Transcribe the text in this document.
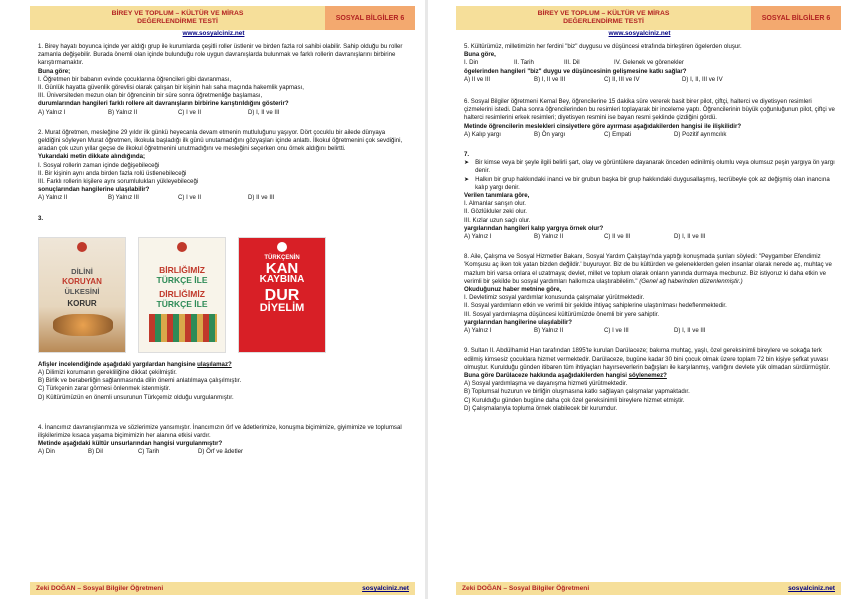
BİREY VE TOPLUM – KÜLTÜR VE MİRAS
DEĞERLENDİRME TESTİ	SOSYAL BİLGİLER 6
www.sosyalciniz.net

1. Birey hayatı boyunca içinde yer aldığı grup ile kurumlarda çeşitli roller üstlenir ve birden fazla rol sahibi olabilir. Sahip olduğu bu roller zamanla değişebilir. Burada önemli olan içinde bulunduğu role uygun davranışlarda bulunmak ve farklı rollerin davranışlarını birbirine karıştırmamaktır.

Buna göre;

I. Öğretmen bir babanın evinde çocuklarına öğrencileri gibi davranması,

II. Günlük hayatta güvenlik görevlisi olarak çalışan bir kişinin halı saha maçında hakemlik yapması,

III. Üniversiteden mezun olan bir öğrencinin bir süre sonra öğretmenliğe başlaması,

durumlarından hangileri farklı rollere ait davranışların birbirine karıştırıldığını gösterir?

A) Yalnız I	B) Yalnız II	C) I ve II	D) I, II ve III

2. Murat öğretmen, mesleğine 29 yıldır ilk günkü heyecanla devam etmenin mutluluğunu yaşıyor. Dört çocuklu bir ailede dünyaya geldiğini söyleyen Murat öğretmen, ilkokula başladığı ilk günü unutamadığını gözyaşları içinde anlattı. İlkokul öğretmenini çok sevdiğini, aradan çok uzun yıllar geçse de ilkokul öğretmenini unutmadığını ve mesleğini seçerken onu örnek aldığını belirtti.

Yukarıdaki metin dikkate alındığında;

I. Sosyal rollerin zaman içinde değişebileceği

II. Bir kişinin aynı anda birden fazla rolü üstlenebileceği

III. Farklı rollerin kişilere aynı sorumlulukları yükleyebileceği

sonuçlarından hangilerine ulaşılabilir?

A) Yalnız II	B) Yalnız III	C) I ve II	D) II ve III

3.

DİLİNİ
KORUYAN
ÜLKESİNİ
KORUR
BİRLİĞİMİZ
TÜRKÇE İLE
DİRLİĞİMİZ
TÜRKÇE İLE
TÜRKÇENİN
KAN
KAYBINA
DUR
DİYELİM

Afişler incelendiğinde aşağıdaki yargılardan hangisine ulaşılamaz?

A) Dilimizi korumanın gerekliliğine dikkat çekilmiştir.

B) Birlik ve beraberliğin sağlanmasında dilin önemi anlatılmaya çalışılmıştır.

C) Türkçenin zarar görmesi önlenmek istenmiştir.

D) Kültürümüzün en önemli unsurunun Türkçemiz olduğu vurgulanmıştır.

4. İnancımız davranışlarımıza ve sözlerimize yansımıştır. İnancımızın örf ve âdetlerimize, konuşma biçimimize, giyimimize ve toplumsal ilişkilerimize kısaca yaşama biçimimizin her alanına etkisi vardır.

Metinde aşağıdaki kültür unsurlarından hangisi vurgulanmıştır?

A) Din	B) Dil	C) Tarih	D) Örf ve âdetler
Zeki DOĞAN – Sosyal Bilgiler Öğretmeni	sosyalciniz.net
BİREY VE TOPLUM – KÜLTÜR VE MİRAS
DEĞERLENDİRME TESTİ	SOSYAL BİLGİLER 6
www.sosyalciniz.net

5. Kültürümüz, milletimizin her ferdini "biz" duygusu ve düşüncesi etrafında birleştiren ögelerden oluşur.

Buna göre,

I. Din	II. Tarih	III. Dil	IV. Gelenek ve görenekler

ögelerinden hangileri "biz" duygu ve düşüncesinin gelişmesine katkı sağlar?

A) II ve III	B) I, II ve III	C) II, III ve IV	D) I, II, III ve IV

6. Sosyal Bilgiler öğretmeni Kemal Bey, öğrencilerine 15 dakika süre vererek basit birer pilot, çiftçi, halterci ve diyetisyen resimleri çizmelerini istedi. Daha sonra öğrencilerinden bu resimleri toplayarak bir inceleme yaptı. Öğrencilerinin büyük çoğunluğunun pilot, çiftçi ve halterci resimlerini erkek resimleri; diyetisyen resmini ise bayan resmi şeklinde çizdiğini gördü.

Metinde öğrencilerin meslekleri cinsiyetlere göre ayırması aşağıdakilerden hangisi ile ilişkilidir?

A) Kalıp yargı	B) Ön yargı	C) Empati	D) Pozitif ayrımcılık

7.

➤ Bir kimse veya bir şeyle ilgili belirli şart, olay ve görüntülere dayanarak önceden edinilmiş olumlu veya olumsuz peşin yargıya ön yargı denir.

➤ Halkın bir grup hakkındaki inanci ve bir grubun başka bir grup hakkındaki duygusallaşmış, tecrübeyle çok az değişmiş olan inancına kalıp yargı denir.

Verilen tanımlara göre,

I. Almanlar sarışın olur.

II. Gözlükluler zeki olur.

III. Kızlar uzun saçlı olur.

yargılarından hangileri kalıp yargıya örnek olur?

A) Yalnız I	B) Yalnız II	C) II ve III	D) I, II ve III

8. Aile, Çalışma ve Sosyal Hizmetler Bakanı, Sosyal Yardım Çalıştayı'nda yaptığı konuşmada şunları söyledi: "Peygamber Efendimiz 'Komşusu aç iken tok yatan bizden değildir.' buyuruyor. Biz de bu kültürden ve geleneklerden gelen insanlar olarak nerede aç, muhtaç ve mazlum biri varsa onlara el uzatmaya; devlet, millet ve toplum olarak onların yanında durmaya mecburuz. Biz istiyoruz ki daha etkin ve verimli bir şekilde bu sosyal yardımları halkımıza ulaştırabilelim." (Genel ağ haberinden düzenlenmiştir.)

Okuduğunuz haber metnine göre,

I. Devletimiz sosyal yardımlar konusunda çalışmalar yürütmektedir.

II. Sosyal yardımların etkin ve verimli bir şekilde ihtiyaç sahiplerine ulaştırılması hedeflenmektedir.

III. Sosyal yardımlaşma düşüncesi kültürümüzde önemli bir yere sahiptir.

yargılarından hangilerine ulaşılabilir?

A) Yalnız I	B) Yalnız II	C) I ve III	D) I, II ve III

9. Sultan II. Abdülhamid Han tarafından 1895'te kurulan Darülaceze; bakıma muhtaç, yaşlı, özel gereksinimli bireylere ve sokağa terk edilmiş kimsesiz çocuklara hizmet vermektedir. Darülaceze, bugüne kadar 30 bini çocuk olmak üzere toplam 72 bin kişiye şefkat yuvası olmuştur. Kurulduğu günden itibaren tüm ihtiyaçları hayırseverlerin bağışları ile karşılanmış, varlığını devlete yük olmadan sürdürmüştür.

Buna göre Darülaceze hakkında aşağıdakilerden hangisi söylenemez?

A) Sosyal yardımlaşma ve dayanışma hizmeti yürütmektedir.

B) Toplumsal huzurun ve birliğin oluşmasına katkı sağlayan çalışmalar yapmaktadır.

C) Kurulduğu günden bugüne daha çok özel gereksinimli bireylere hizmet etmiştir.

D) Çalışmalarıyla topluma örnek olabilecek bir kurumdur.

Zeki DOĞAN – Sosyal Bilgiler Öğretmeni	sosyalciniz.net
